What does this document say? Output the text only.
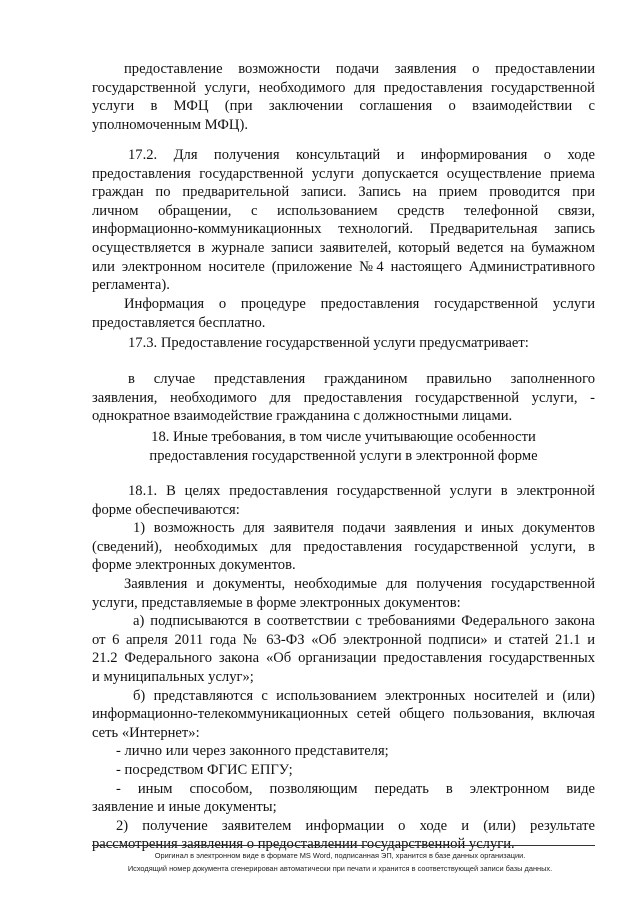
предоставление возможности подачи заявления о предоставлении
государственной услуги, необходимого для предоставления государственной
услуги в МФЦ (при заключении соглашения о взаимодействии с
уполномоченным МФЦ).
17.2. Для получения консультаций и информирования о ходе
предоставления государственной услуги допускается осуществление приема
граждан по предварительной записи. Запись на прием проводится при
личном обращении, с использованием средств телефонной связи,
информационно-коммуникационных технологий. Предварительная запись
осуществляется в журнале записи заявителей, который ведется на бумажном
или электронном носителе (приложение №4 настоящего Административного
регламента).
Информация о процедуре предоставления государственной услуги
предоставляется бесплатно.
17.3. Предоставление государственной услуги предусматривает:
в случае представления гражданином правильно заполненного
заявления, необходимого для предоставления государственной услуги, -
однократное взаимодействие гражданина с должностными лицами.
18. Иные требования, в том числе учитывающие особенности
предоставления государственной услуги в электронной форме
18.1. В целях предоставления государственной услуги в электронной
форме обеспечиваются:
1) возможность для заявителя подачи заявления и иных документов
(сведений), необходимых для предоставления государственной услуги, в
форме электронных документов.
Заявления и документы, необходимые для получения государственной
услуги, представляемые в форме электронных документов:
а) подписываются в соответствии с требованиями Федерального закона
от 6 апреля 2011 года № 63-ФЗ «Об электронной подписи» и статей 21.1 и
21.2 Федерального закона «Об организации предоставления государственных
и муниципальных услуг»;
б) представляются с использованием электронных носителей и (или)
информационно-телекоммуникационных сетей общего пользования, включая
сеть «Интернет»:
- лично или через законного представителя;
- посредством ФГИС ЕПГУ;
- иным способом, позволяющим передать в электронном виде
заявление и иные документы;
2) получение заявителем информации о ходе и (или) результате
рассмотрения заявления о предоставлении государственной услуги.
Оригинал в электронном виде в формате MS Word, подписанная ЭП, хранится в базе данных организации.
Исходящий номер документа сгенерирован автоматически при печати и хранится в соответствующей записи базы данных.
